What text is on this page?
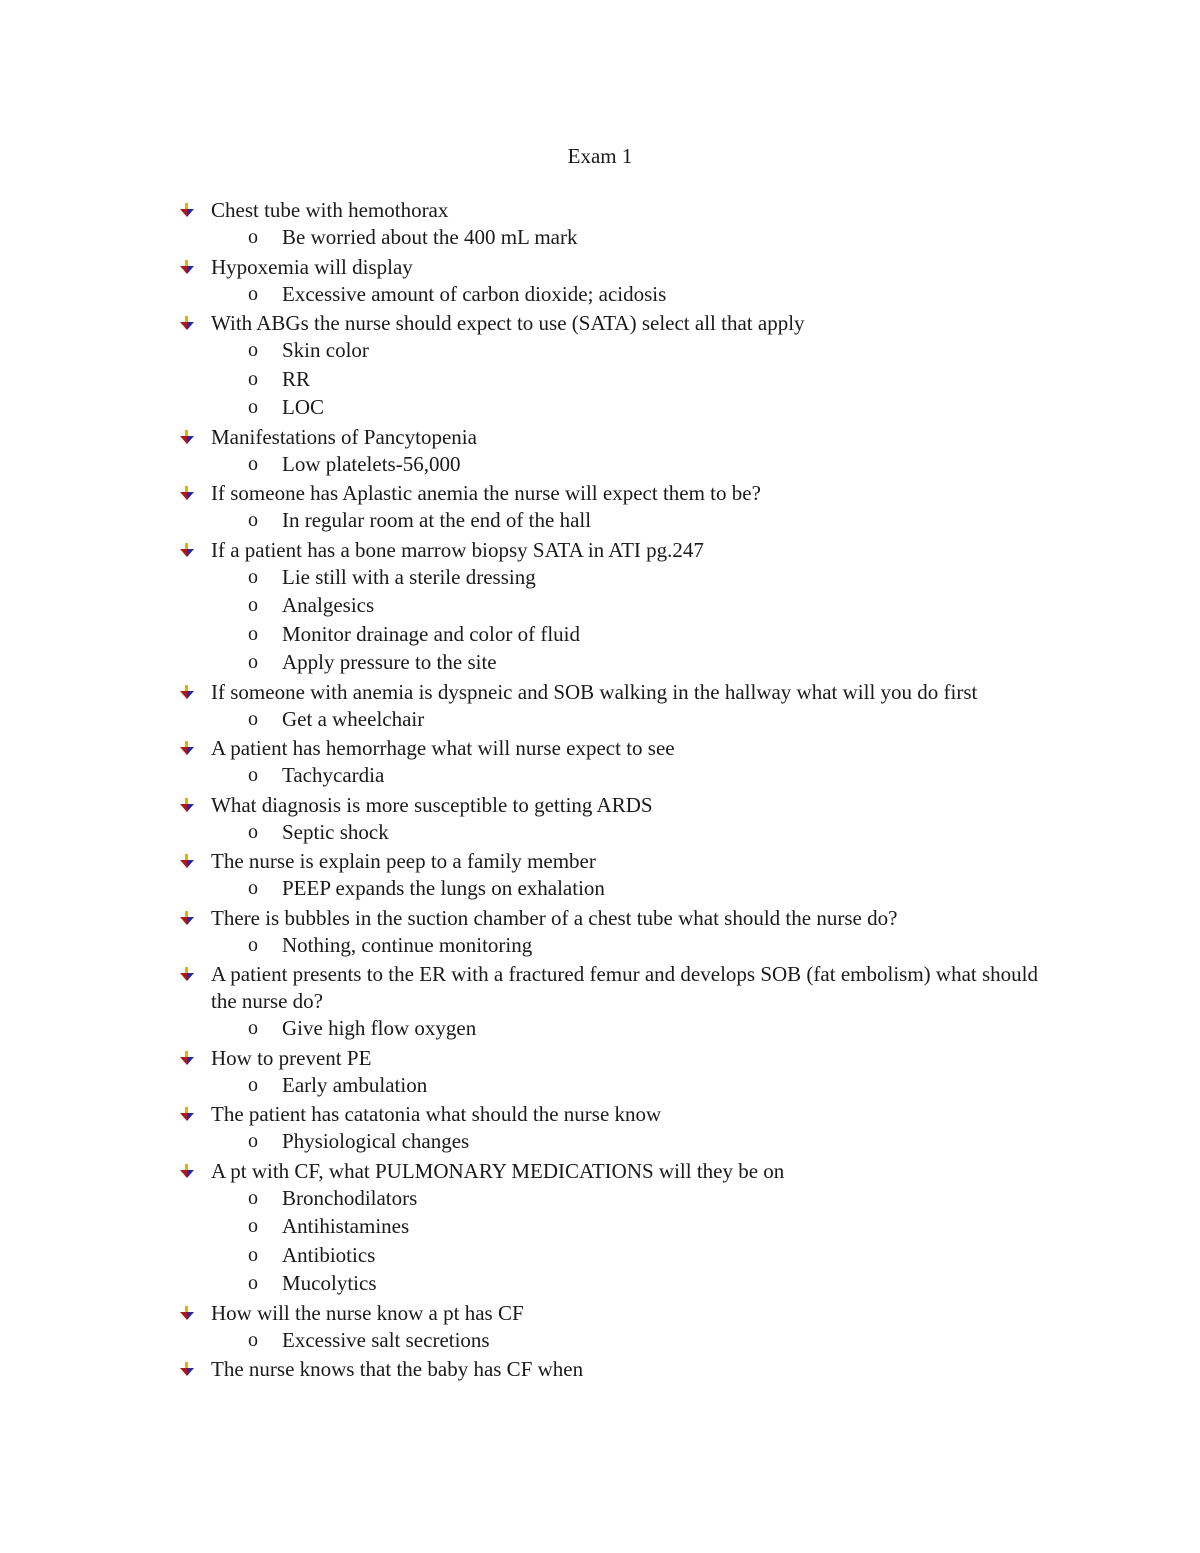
Exam 1
Chest tube with hemothorax
o Be worried about the 400 mL mark
Hypoxemia will display
o Excessive amount of carbon dioxide; acidosis
With ABGs the nurse should expect to use (SATA) select all that apply
o Skin color
o RR
o LOC
Manifestations of Pancytopenia
o Low platelets-56,000
If someone has Aplastic anemia the nurse will expect them to be?
o In regular room at the end of the hall
If a patient has a bone marrow biopsy SATA in ATI pg.247
o Lie still with a sterile dressing
o Analgesics
o Monitor drainage and color of fluid
o Apply pressure to the site
If someone with anemia is dyspneic and SOB walking in the hallway what will you do first
o Get a wheelchair
A patient has hemorrhage what will nurse expect to see
o Tachycardia
What diagnosis is more susceptible to getting ARDS
o Septic shock
The nurse is explain peep to a family member
o PEEP expands the lungs on exhalation
There is bubbles in the suction chamber of a chest tube what should the nurse do?
o Nothing, continue monitoring
A patient presents to the ER with a fractured femur and develops SOB (fat embolism) what should the nurse do?
o Give high flow oxygen
How to prevent PE
o Early ambulation
The patient has catatonia what should the nurse know
o Physiological changes
A pt with CF, what PULMONARY MEDICATIONS will they be on
o Bronchodilators
o Antihistamines
o Antibiotics
o Mucolytics
How will the nurse know a pt has CF
o Excessive salt secretions
The nurse knows that the baby has CF when
